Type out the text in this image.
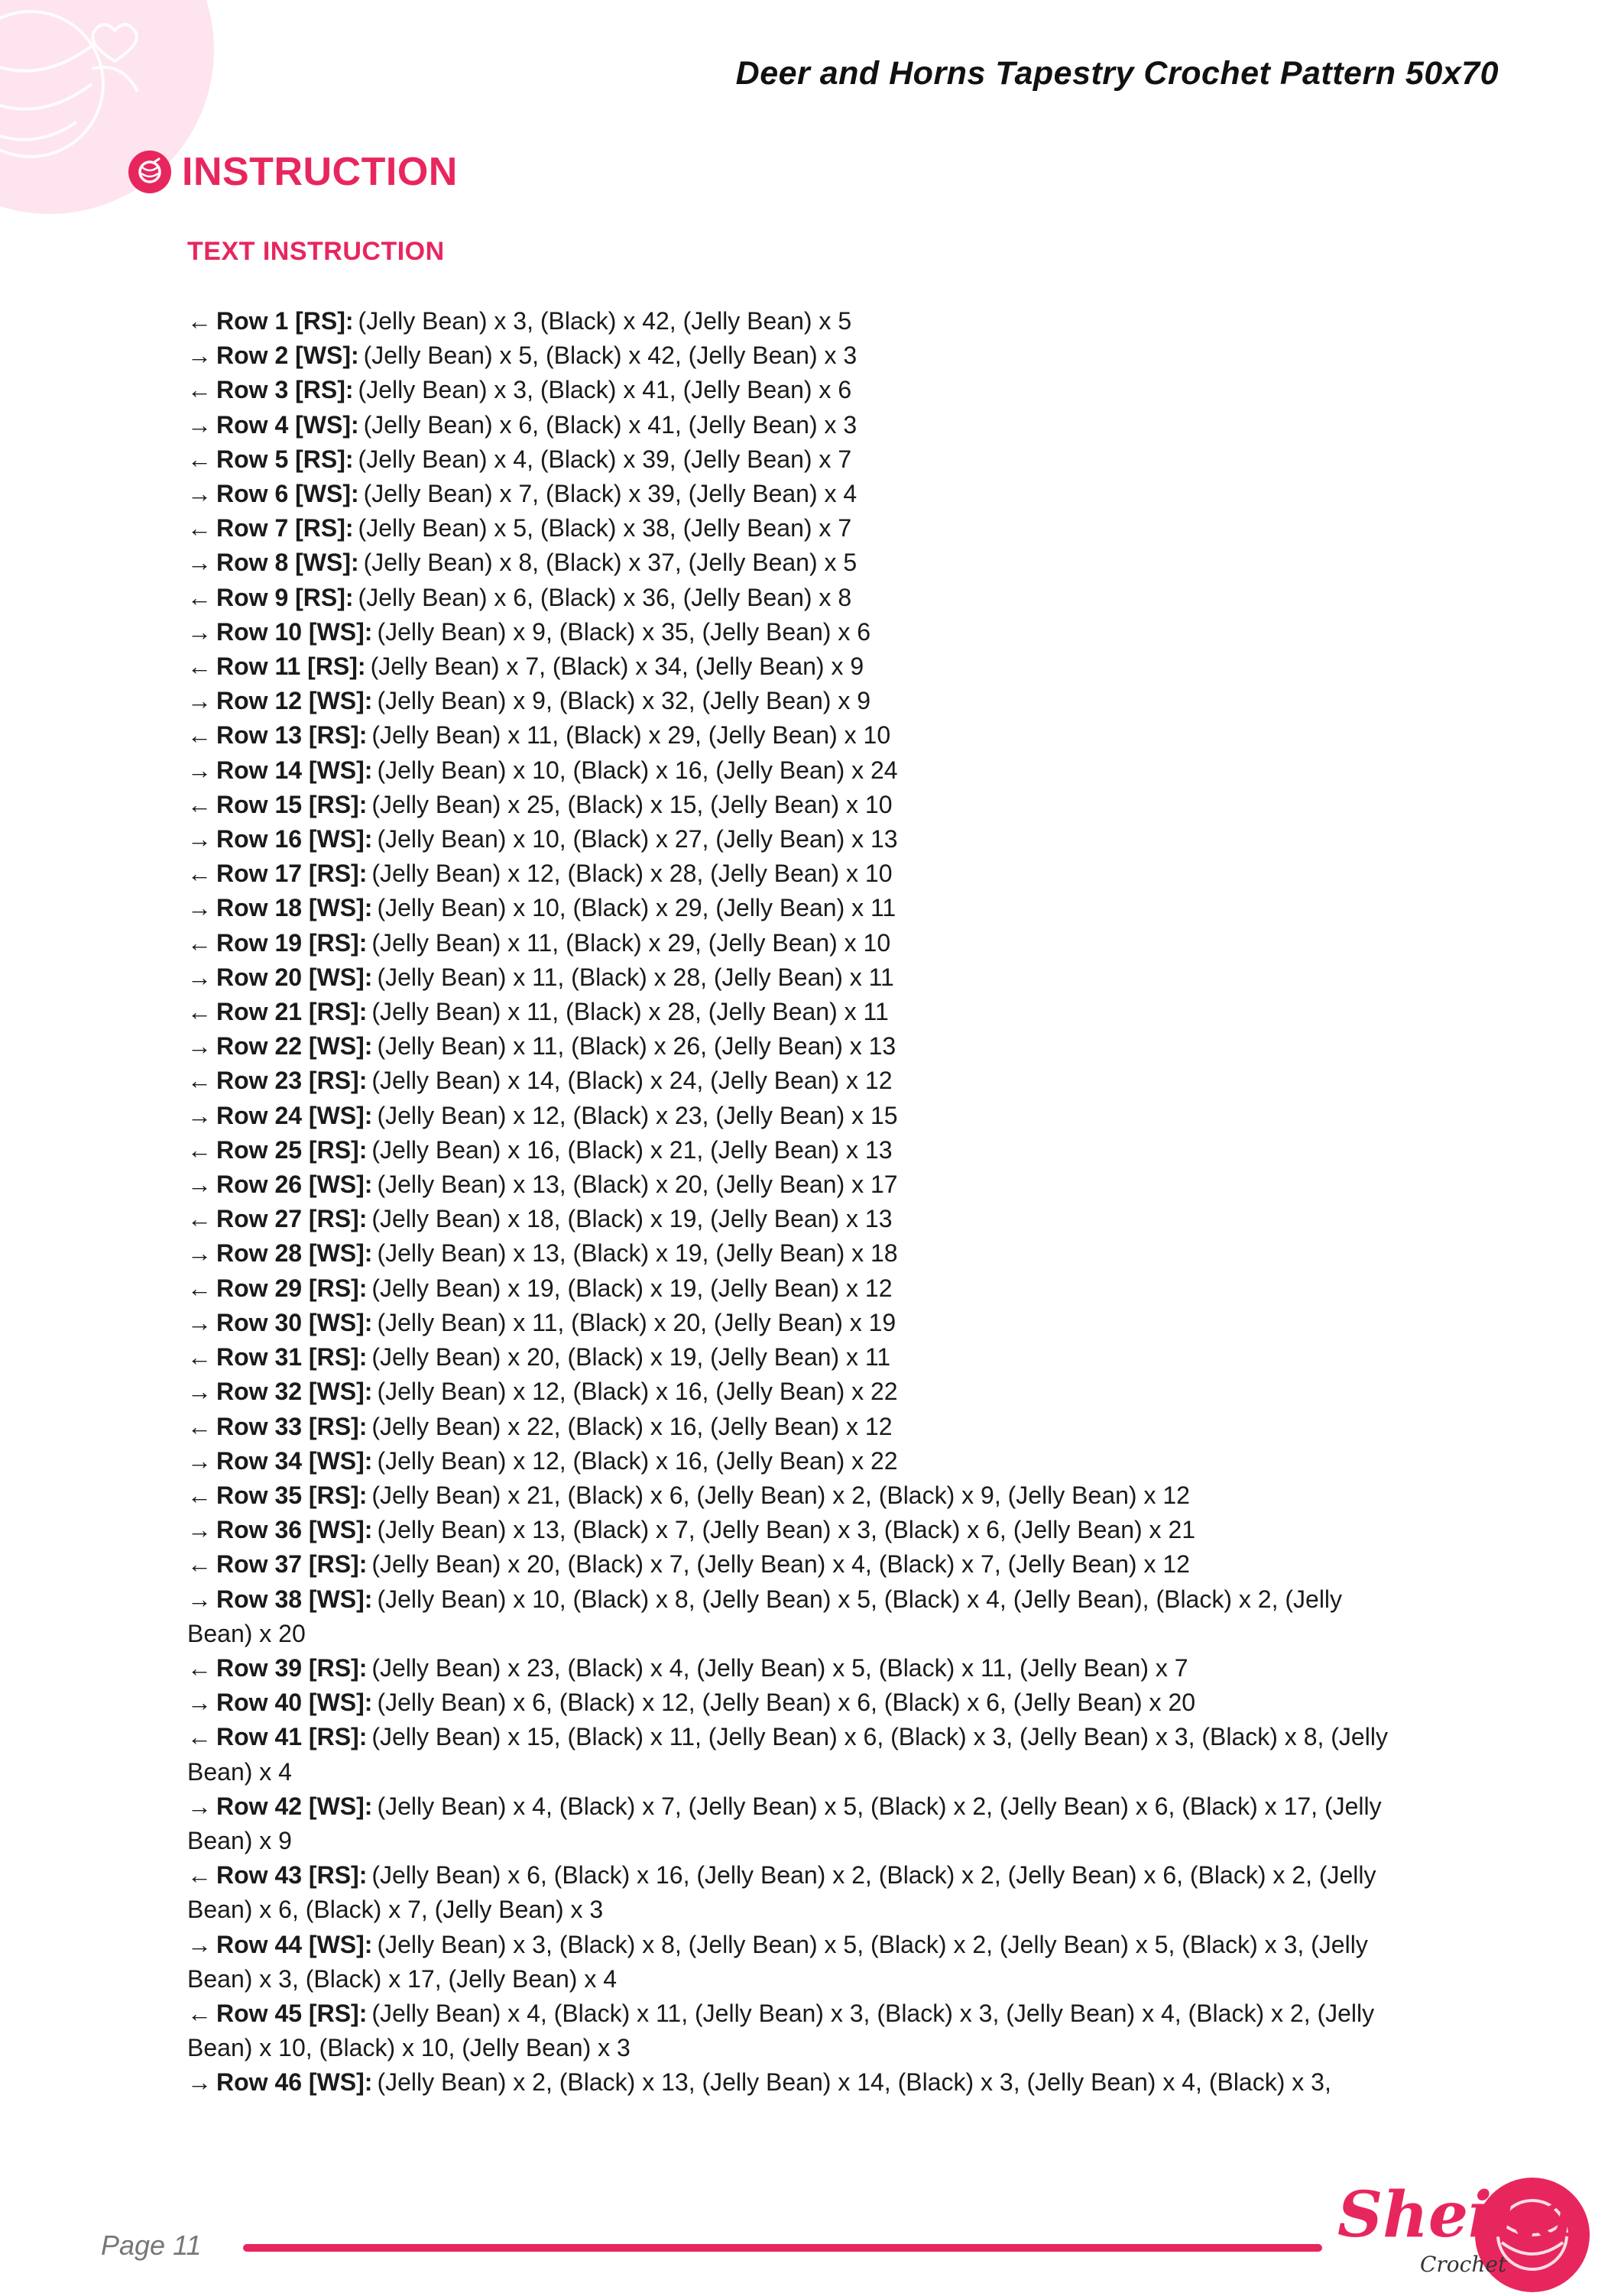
Deer and Horns Tapestry Crochet Pattern 50x70
INSTRUCTION
TEXT INSTRUCTION
← Row 1 [RS]: (Jelly Bean) x 3, (Black) x 42, (Jelly Bean) x 5
→ Row 2 [WS]: (Jelly Bean) x 5, (Black) x 42, (Jelly Bean) x 3
← Row 3 [RS]: (Jelly Bean) x 3, (Black) x 41, (Jelly Bean) x 6
→ Row 4 [WS]: (Jelly Bean) x 6, (Black) x 41, (Jelly Bean) x 3
← Row 5 [RS]: (Jelly Bean) x 4, (Black) x 39, (Jelly Bean) x 7
→ Row 6 [WS]: (Jelly Bean) x 7, (Black) x 39, (Jelly Bean) x 4
← Row 7 [RS]: (Jelly Bean) x 5, (Black) x 38, (Jelly Bean) x 7
→ Row 8 [WS]: (Jelly Bean) x 8, (Black) x 37, (Jelly Bean) x 5
← Row 9 [RS]: (Jelly Bean) x 6, (Black) x 36, (Jelly Bean) x 8
→ Row 10 [WS]: (Jelly Bean) x 9, (Black) x 35, (Jelly Bean) x 6
← Row 11 [RS]: (Jelly Bean) x 7, (Black) x 34, (Jelly Bean) x 9
→ Row 12 [WS]: (Jelly Bean) x 9, (Black) x 32, (Jelly Bean) x 9
← Row 13 [RS]: (Jelly Bean) x 11, (Black) x 29, (Jelly Bean) x 10
→ Row 14 [WS]: (Jelly Bean) x 10, (Black) x 16, (Jelly Bean) x 24
← Row 15 [RS]: (Jelly Bean) x 25, (Black) x 15, (Jelly Bean) x 10
→ Row 16 [WS]: (Jelly Bean) x 10, (Black) x 27, (Jelly Bean) x 13
← Row 17 [RS]: (Jelly Bean) x 12, (Black) x 28, (Jelly Bean) x 10
→ Row 18 [WS]: (Jelly Bean) x 10, (Black) x 29, (Jelly Bean) x 11
← Row 19 [RS]: (Jelly Bean) x 11, (Black) x 29, (Jelly Bean) x 10
→ Row 20 [WS]: (Jelly Bean) x 11, (Black) x 28, (Jelly Bean) x 11
← Row 21 [RS]: (Jelly Bean) x 11, (Black) x 28, (Jelly Bean) x 11
→ Row 22 [WS]: (Jelly Bean) x 11, (Black) x 26, (Jelly Bean) x 13
← Row 23 [RS]: (Jelly Bean) x 14, (Black) x 24, (Jelly Bean) x 12
→ Row 24 [WS]: (Jelly Bean) x 12, (Black) x 23, (Jelly Bean) x 15
← Row 25 [RS]: (Jelly Bean) x 16, (Black) x 21, (Jelly Bean) x 13
→ Row 26 [WS]: (Jelly Bean) x 13, (Black) x 20, (Jelly Bean) x 17
← Row 27 [RS]: (Jelly Bean) x 18, (Black) x 19, (Jelly Bean) x 13
→ Row 28 [WS]: (Jelly Bean) x 13, (Black) x 19, (Jelly Bean) x 18
← Row 29 [RS]: (Jelly Bean) x 19, (Black) x 19, (Jelly Bean) x 12
→ Row 30 [WS]: (Jelly Bean) x 11, (Black) x 20, (Jelly Bean) x 19
← Row 31 [RS]: (Jelly Bean) x 20, (Black) x 19, (Jelly Bean) x 11
→ Row 32 [WS]: (Jelly Bean) x 12, (Black) x 16, (Jelly Bean) x 22
← Row 33 [RS]: (Jelly Bean) x 22, (Black) x 16, (Jelly Bean) x 12
→ Row 34 [WS]: (Jelly Bean) x 12, (Black) x 16, (Jelly Bean) x 22
← Row 35 [RS]: (Jelly Bean) x 21, (Black) x 6, (Jelly Bean) x 2, (Black) x 9, (Jelly Bean) x 12
→ Row 36 [WS]: (Jelly Bean) x 13, (Black) x 7, (Jelly Bean) x 3, (Black) x 6, (Jelly Bean) x 21
← Row 37 [RS]: (Jelly Bean) x 20, (Black) x 7, (Jelly Bean) x 4, (Black) x 7, (Jelly Bean) x 12
→ Row 38 [WS]: (Jelly Bean) x 10, (Black) x 8, (Jelly Bean) x 5, (Black) x 4, (Jelly Bean), (Black) x 2, (Jelly Bean) x 20
← Row 39 [RS]: (Jelly Bean) x 23, (Black) x 4, (Jelly Bean) x 5, (Black) x 11, (Jelly Bean) x 7
→ Row 40 [WS]: (Jelly Bean) x 6, (Black) x 12, (Jelly Bean) x 6, (Black) x 6, (Jelly Bean) x 20
← Row 41 [RS]: (Jelly Bean) x 15, (Black) x 11, (Jelly Bean) x 6, (Black) x 3, (Jelly Bean) x 3, (Black) x 8, (Jelly Bean) x 4
→ Row 42 [WS]: (Jelly Bean) x 4, (Black) x 7, (Jelly Bean) x 5, (Black) x 2, (Jelly Bean) x 6, (Black) x 17, (Jelly Bean) x 9
← Row 43 [RS]: (Jelly Bean) x 6, (Black) x 16, (Jelly Bean) x 2, (Black) x 2, (Jelly Bean) x 6, (Black) x 2, (Jelly Bean) x 6, (Black) x 7, (Jelly Bean) x 3
→ Row 44 [WS]: (Jelly Bean) x 3, (Black) x 8, (Jelly Bean) x 5, (Black) x 2, (Jelly Bean) x 5, (Black) x 3, (Jelly Bean) x 3, (Black) x 17, (Jelly Bean) x 4
← Row 45 [RS]: (Jelly Bean) x 4, (Black) x 11, (Jelly Bean) x 3, (Black) x 3, (Jelly Bean) x 4, (Black) x 2, (Jelly Bean) x 10, (Black) x 10, (Jelly Bean) x 3
→ Row 46 [WS]: (Jelly Bean) x 2, (Black) x 13, (Jelly Bean) x 14, (Black) x 3, (Jelly Bean) x 4, (Black) x 3,
Page 11	Sheika
Crochet
